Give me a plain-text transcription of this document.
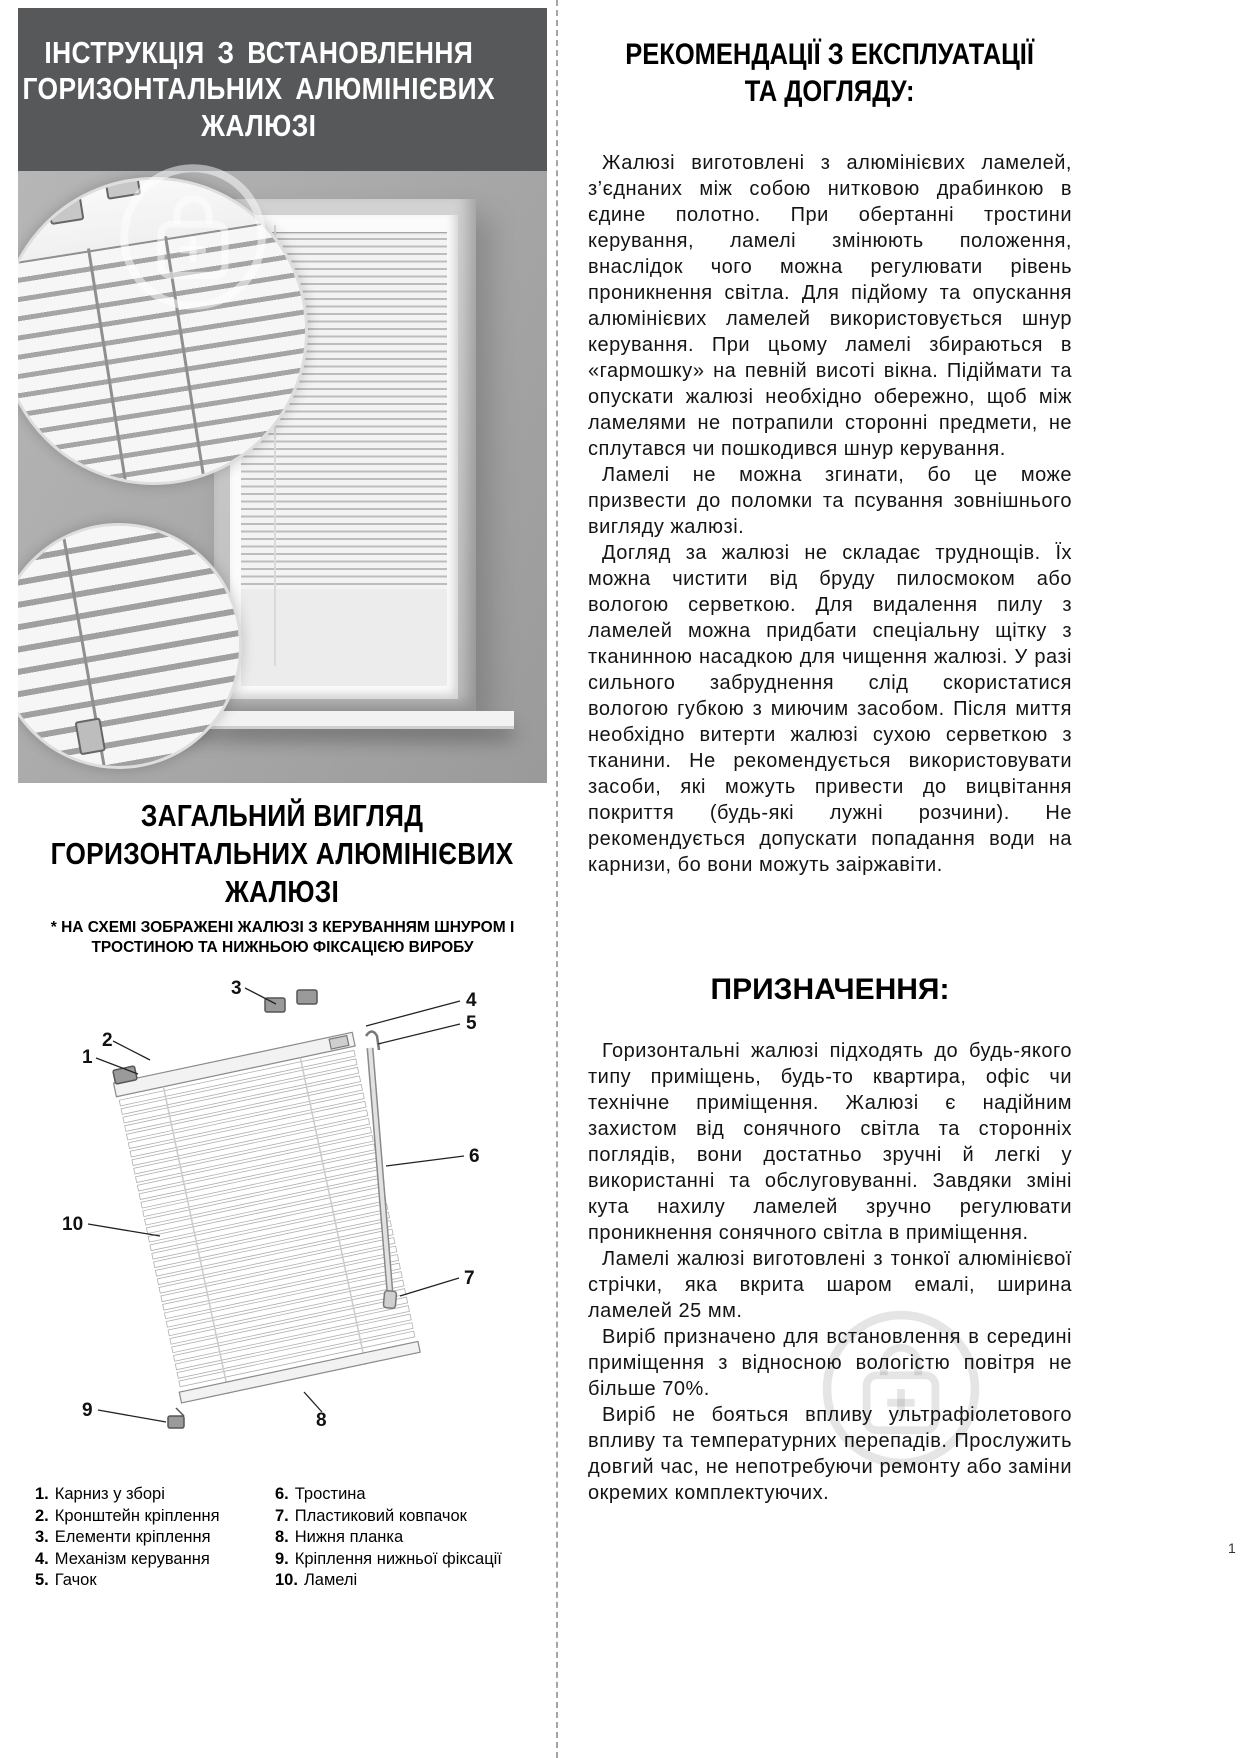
ІНСТРУКЦІЯ З ВСТАНОВЛЕННЯ
ГОРИЗОНТАЛЬНИХ АЛЮМІНІЄВИХ
ЖАЛЮЗІ
ЗАГАЛЬНИЙ ВИГЛЯД
ГОРИЗОНТАЛЬНИХ АЛЮМІНІЄВИХ
ЖАЛЮЗІ
* НА СХЕМІ ЗОБРАЖЕНІ ЖАЛЮЗІ З КЕРУВАННЯМ ШНУРОМ І
ТРОСТИНОЮ ТА НИЖНЬОЮ ФІКСАЦІЄЮ ВИРОБУ
3
4
5
2
1
10
6
7
9	8
1. Карниз у зборі
2. Кронштейн кріплення
3. Елементи кріплення
4. Механізм керування
5. Гачок
6. Тростина
7. Пластиковий ковпачок
8. Нижня планка
9. Кріплення нижньої фіксації
10. Ламелі
РЕКОМЕНДАЦІЇ З ЕКСПЛУАТАЦІЇ
ТА ДОГЛЯДУ:

Жалюзі виготовлені з алюмінієвих ламелей, з’єднаних між собою нитковою драбинкою в єдине полотно. При обертанні тростини керування, ламелі змінюють положення, внаслідок чого можна регулювати рівень проникнення світла. Для підйому та опускання алюмінієвих ламелей використовується шнур керування. При цьому ламелі збираються в «гармошку» на певній висоті вікна. Підіймати та опускати жалюзі необхідно обережно, щоб між ламелями не потрапили сторонні предмети, не сплутався чи пошкодився шнур керування.

Ламелі не можна згинати, бо це може призвести до поломки та псування зовнішнього вигляду жалюзі.

Догляд за жалюзі не складає труднощів. Їх можна чистити від бруду пилосмоком або вологою серветкою. Для видалення пилу з ламелей можна придбати спеціальну щітку з тканинною насадкою для чищення жалюзі. У разі сильного забруднення слід скористатися вологою губкою з миючим засобом. Після миття необхідно витерти жалюзі сухою серветкою з тканини. Не рекомендується використовувати засоби, які можуть привести до вицвітання покриття (будь-які лужні розчини). Не рекомендується допускати попадання води на карнизи, бо вони можуть заіржавіти.

ПРИЗНАЧЕННЯ:

Горизонтальні жалюзі підходять до будь-якого типу приміщень, будь-то квартира, офіс чи технічне приміщення. Жалюзі є надійним захистом від сонячного світла та сторонніх поглядів, вони достатньо зручні й легкі у використанні та обслуговуванні. Завдяки зміні кута нахилу ламелей зручно регулювати проникнення сонячного світла в приміщення.

Ламелі жалюзі виготовлені з тонкої алюмінієвої стрічки, яка вкрита шаром емалі, ширина ламелей 25 мм.

Виріб призначено для встановлення в середині приміщення з відносною вологістю повітря не більше 70%.

Виріб не бояться впливу ультрафіолетового впливу та температурних перепадів. Прослужить довгий час, не непотребуючи ремонту або заміни окремих комплектуючих.

1
